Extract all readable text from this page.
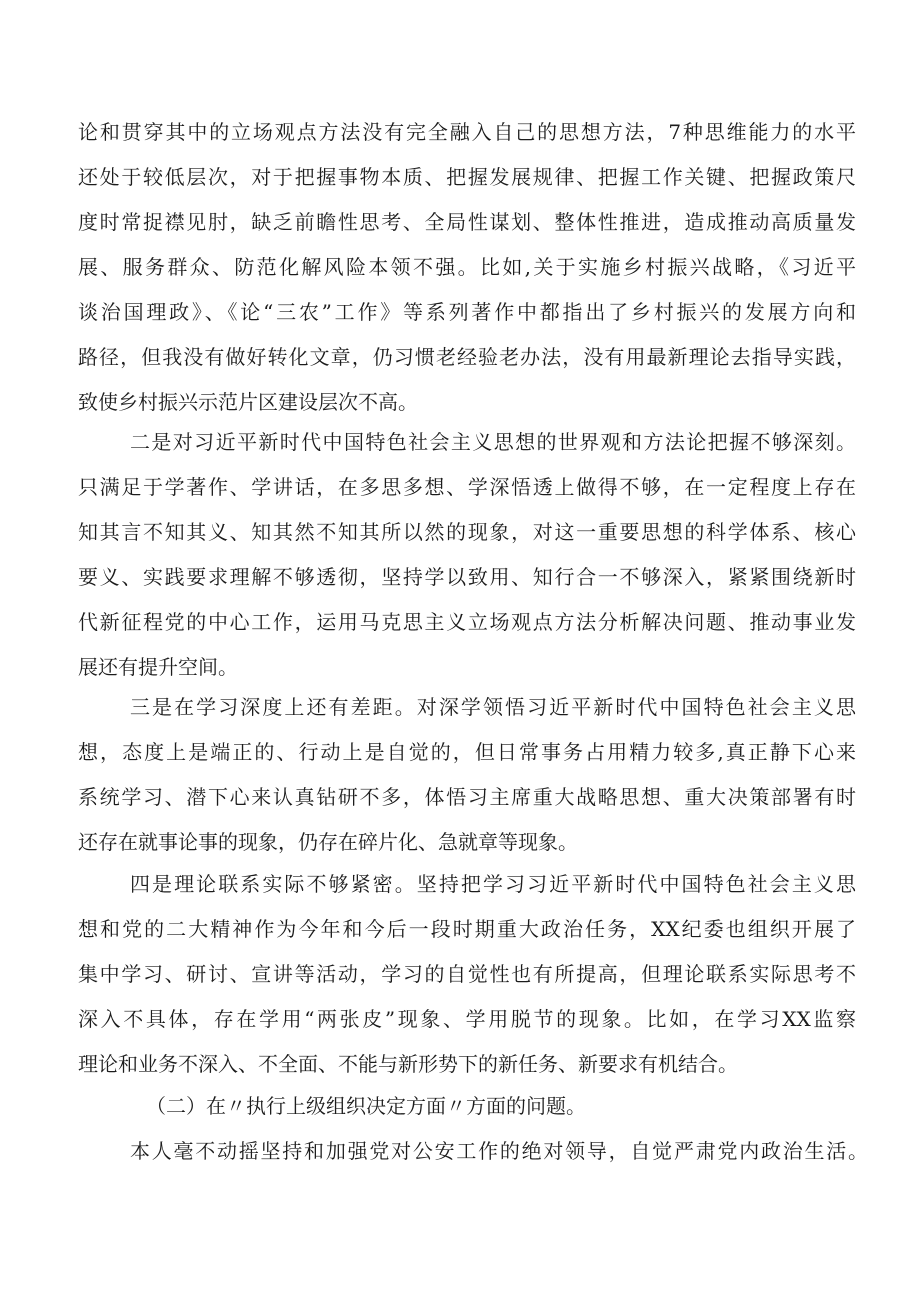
论和贯穿其中的立场观点方法没有完全融入自己的思想方法，7种思维能力的水平
还处于较低层次，对于把握事物本质、把握发展规律、把握工作关键、把握政策尺
度时常捉襟见肘，缺乏前瞻性思考、全局性谋划、整体性推进，造成推动高质量发
展、服务群众、防范化解风险本领不强。比如,关于实施乡村振兴战略，《习近平
谈治国理政》、《论“三农”工作》等系列著作中都指出了乡村振兴的发展方向和
路径，但我没有做好转化文章，仍习惯老经验老办法，没有用最新理论去指导实践，
致使乡村振兴示范片区建设层次不高。
二是对习近平新时代中国特色社会主义思想的世界观和方法论把握不够深刻。
只满足于学著作、学讲话，在多思多想、学深悟透上做得不够，在一定程度上存在
知其言不知其义、知其然不知其所以然的现象，对这一重要思想的科学体系、核心
要义、实践要求理解不够透彻，坚持学以致用、知行合一不够深入，紧紧围绕新时
代新征程党的中心工作，运用马克思主义立场观点方法分析解决问题、推动事业发
展还有提升空间。
三是在学习深度上还有差距。对深学领悟习近平新时代中国特色社会主义思
想，态度上是端正的、行动上是自觉的，但日常事务占用精力较多,真正静下心来
系统学习、潜下心来认真钻研不多，体悟习主席重大战略思想、重大决策部署有时
还存在就事论事的现象，仍存在碎片化、急就章等现象。
四是理论联系实际不够紧密。坚持把学习习近平新时代中国特色社会主义思
想和党的二大精神作为今年和今后一段时期重大政治任务，XX纪委也组织开展了
集中学习、研讨、宣讲等活动，学习的自觉性也有所提高，但理论联系实际思考不
深入不具体，存在学用“两张皮”现象、学用脱节的现象。比如，在学习XX监察
理论和业务不深入、不全面、不能与新形势下的新任务、新要求有机结合。
（二）在〃执行上级组织决定方面〃方面的问题。
本人毫不动摇坚持和加强党对公安工作的绝对领导，自觉严肃党内政治生活。
